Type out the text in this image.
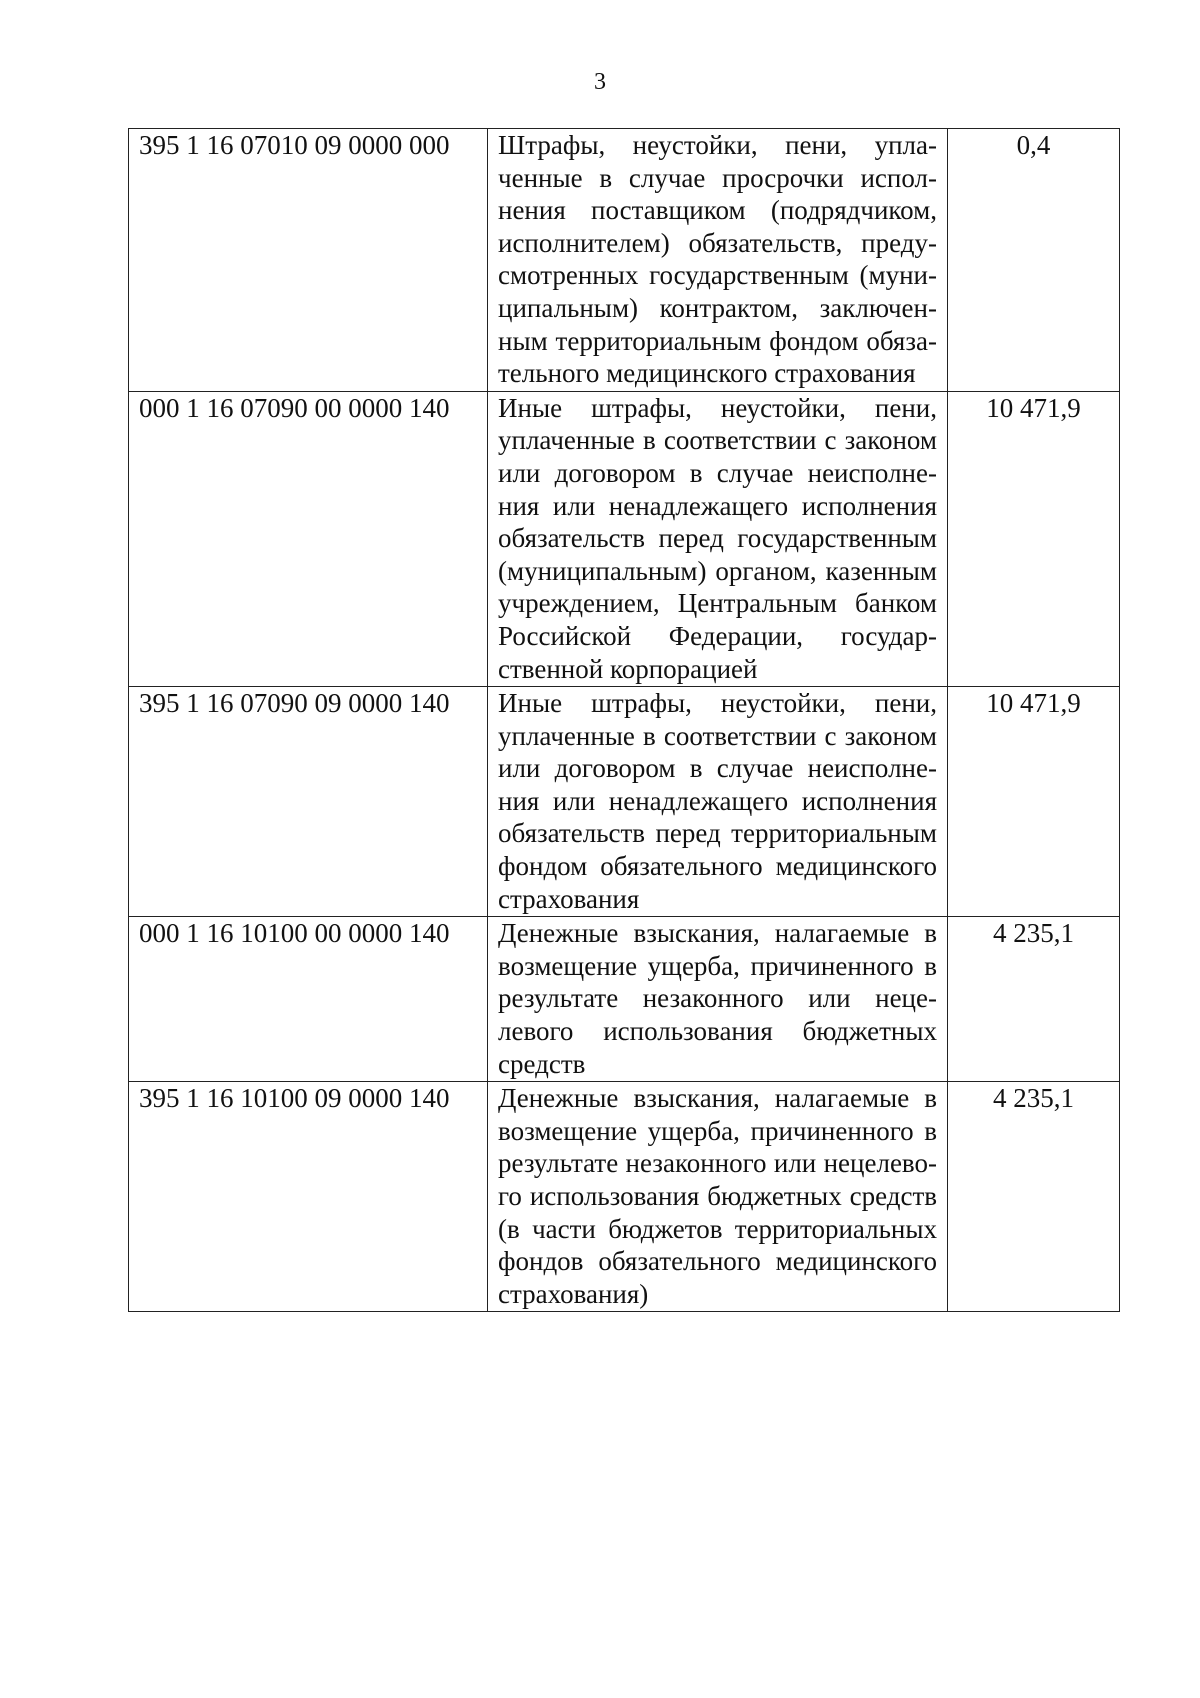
3
395 1 16 07010 09 0000 000	Штрафы, неустойки, пени, уплаченные в случае просрочки исполнения поставщиком (подрядчиком, исполнителем) обязательств, предусмотренных государственным (муниципальным) контрактом, заключенным территориальным фондом обязательного медицинского страхования	0,4
000 1 16 07090 00 0000 140	Иные штрафы, неустойки, пени, уплаченные в соответствии с законом или договором в случае неисполнения или ненадлежащего исполнения обязательств перед государственным (муниципальным) органом, казенным учреждением, Центральным банком Российской Федерации, государственной корпорацией	10 471,9
395 1 16 07090 09 0000 140	Иные штрафы, неустойки, пени, уплаченные в соответствии с законом или договором в случае неисполнения или ненадлежащего исполнения обязательств перед территориальным фондом обязательного медицинского страхования	10 471,9
000 1 16 10100 00 0000 140	Денежные взыскания, налагаемые в возмещение ущерба, причиненного в результате незаконного или нецелевого использования бюджетных средств	4 235,1
395 1 16 10100 09 0000 140	Денежные взыскания, налагаемые в возмещение ущерба, причиненного в результате незаконного или нецелевого использования бюджетных средств (в части бюджетов территориальных фондов обязательного медицинского страхования)	4 235,1
